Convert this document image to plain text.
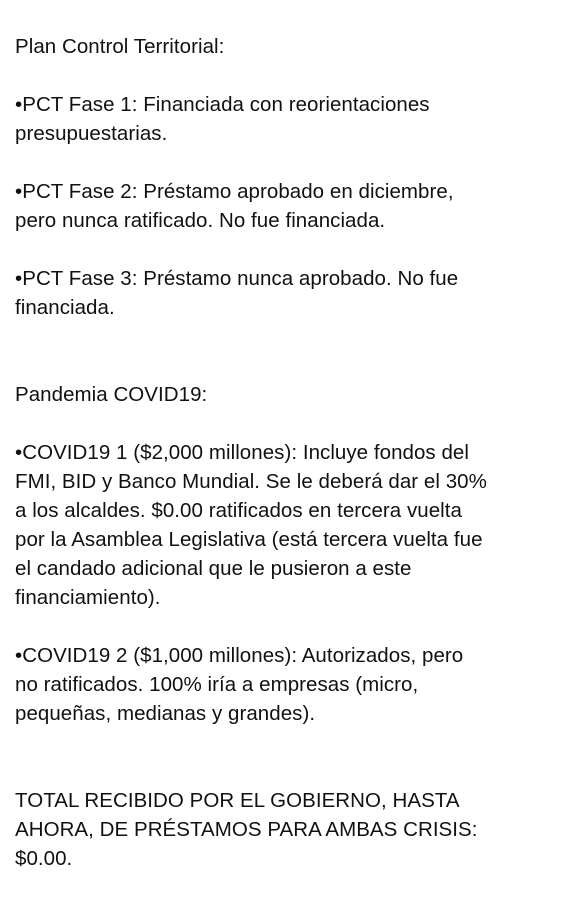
Plan Control Territorial:
•PCT Fase 1: Financiada con reorientaciones
presupuestarias.
•PCT Fase 2: Préstamo aprobado en diciembre,
pero nunca ratificado. No fue financiada.
•PCT Fase 3: Préstamo nunca aprobado. No fue
financiada.
Pandemia COVID19:
•COVID19 1 ($2,000 millones): Incluye fondos del
FMI, BID y Banco Mundial. Se le deberá dar el 30%
a los alcaldes. $0.00 ratificados en tercera vuelta
por la Asamblea Legislativa (está tercera vuelta fue
el candado adicional que le pusieron a este
financiamiento).
•COVID19 2 ($1,000 millones): Autorizados, pero
no ratificados. 100% iría a empresas (micro,
pequeñas, medianas y grandes).
TOTAL RECIBIDO POR EL GOBIERNO, HASTA
AHORA, DE PRÉSTAMOS PARA AMBAS CRISIS:
$0.00.
